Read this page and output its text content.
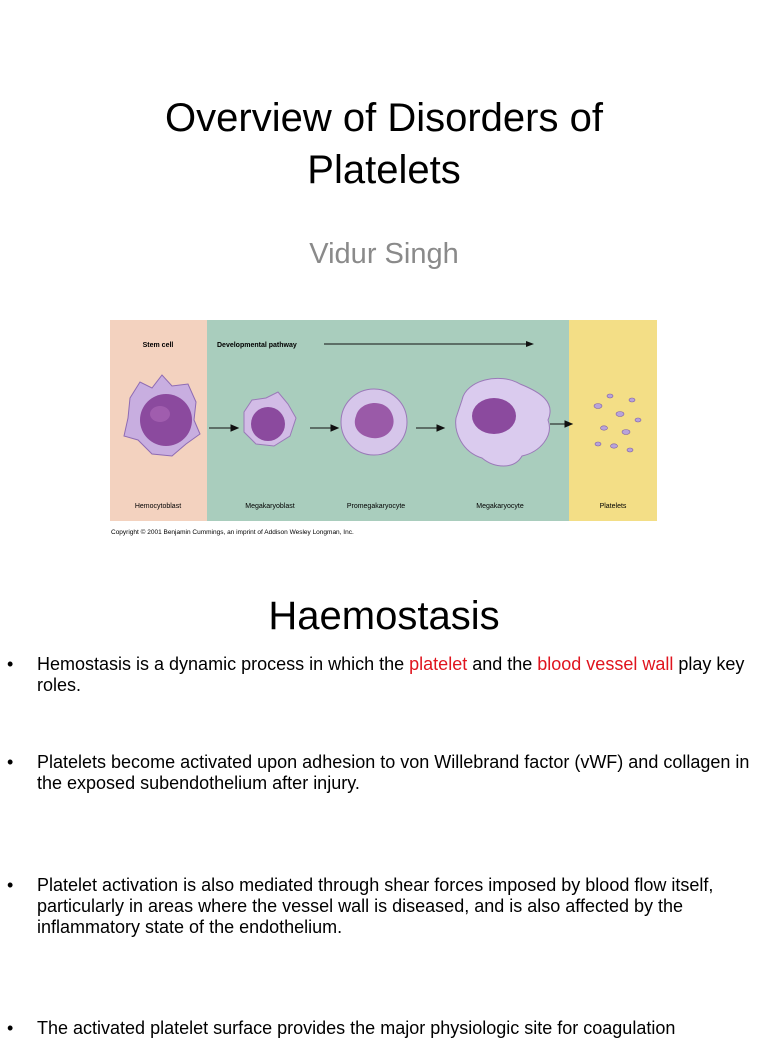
Overview of Disorders of
Platelets
Vidur Singh
Stem cell	Developmental pathway
Hemocytoblast	Megakaryoblast	Promegakaryocyte	Megakaryocyte	Platelets
Copyright © 2001 Benjamin Cummings, an imprint of Addison Wesley Longman, Inc.
Haemostasis
• Hemostasis is a dynamic process in which the platelet and the blood vessel wall play key roles.
• Platelets become activated upon adhesion to von Willebrand factor (vWF) and collagen in the exposed subendothelium after injury.
• Platelet activation is also mediated through shear forces imposed by blood flow itself, particularly in areas where the vessel wall is diseased, and is also affected by the inflammatory state of the endothelium.
• The activated platelet surface provides the major physiologic site for coagulation
